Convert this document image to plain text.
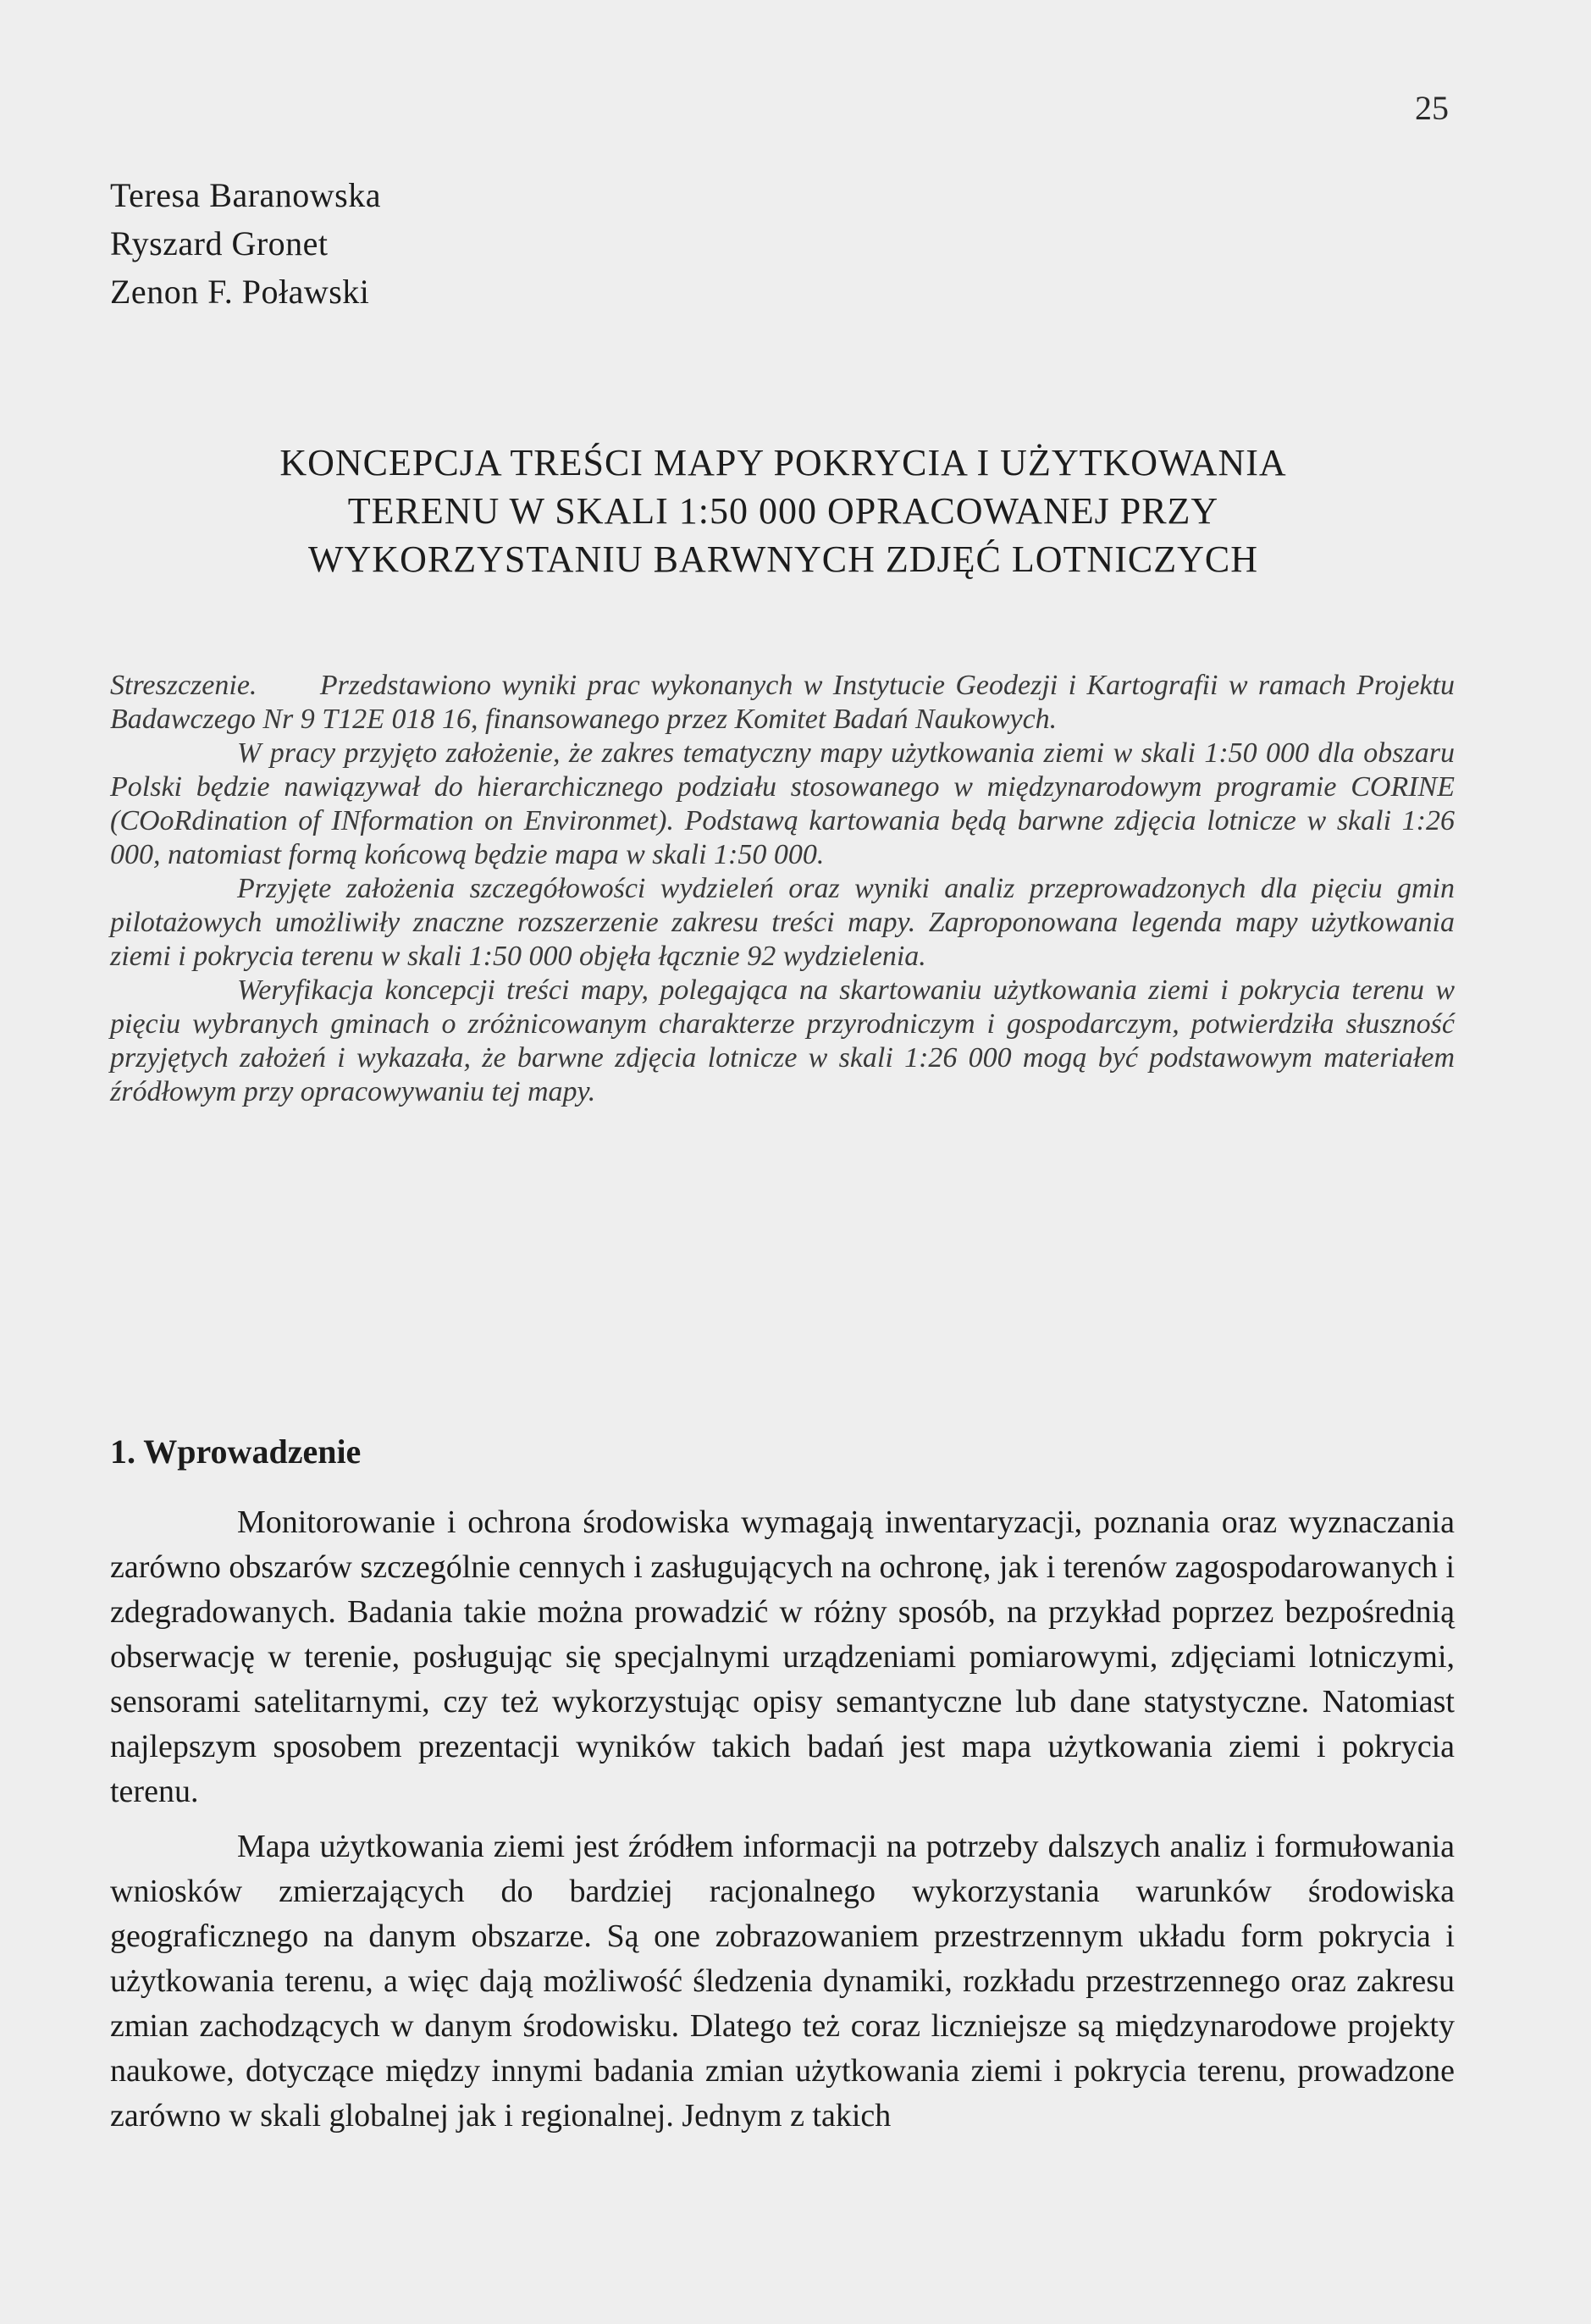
25
Teresa Baranowska
Ryszard Gronet
Zenon F. Poławski
KONCEPCJA TREŚCI MAPY POKRYCIA I UŻYTKOWANIA
TERENU W SKALI 1:50 000 OPRACOWANEJ PRZY
WYKORZYSTANIU BARWNYCH ZDJĘĆ LOTNICZYCH

Streszczenie. Przedstawiono wyniki prac wykonanych w Instytucie Geodezji i Kartografii w ramach Projektu Badawczego Nr 9 T12E 018 16, finansowanego przez Komitet Badań Naukowych.

W pracy przyjęto założenie, że zakres tematyczny mapy użytkowania ziemi w skali 1:50 000 dla obszaru Polski będzie nawiązywał do hierarchicznego podziału stosowanego w międzynarodowym programie CORINE (COoRdination of INformation on Environmet). Podstawą kartowania będą barwne zdjęcia lotnicze w skali 1:26 000, natomiast formą końcową będzie mapa w skali 1:50 000.

Przyjęte założenia szczegółowości wydzieleń oraz wyniki analiz przeprowadzonych dla pięciu gmin pilotażowych umożliwiły znaczne rozszerzenie zakresu treści mapy. Zaproponowana legenda mapy użytkowania ziemi i pokrycia terenu w skali 1:50 000 objęła łącznie 92 wydzielenia.

Weryfikacja koncepcji treści mapy, polegająca na skartowaniu użytkowania ziemi i pokrycia terenu w pięciu wybranych gminach o zróżnicowanym charakterze przyrodniczym i gospodarczym, potwierdziła słuszność przyjętych założeń i wykazała, że barwne zdjęcia lotnicze w skali 1:26 000 mogą być podstawowym materiałem źródłowym przy opracowywaniu tej mapy.

1. Wprowadzenie

Monitorowanie i ochrona środowiska wymagają inwentaryzacji, poznania oraz wyznaczania zarówno obszarów szczególnie cennych i zasługujących na ochronę, jak i terenów zagospodarowanych i zdegradowanych. Badania takie można prowadzić w różny sposób, na przykład poprzez bezpośrednią obserwację w terenie, posługując się specjalnymi urządzeniami pomiarowymi, zdjęciami lotniczymi, sensorami satelitarnymi, czy też wykorzystując opisy semantyczne lub dane statystyczne. Natomiast najlepszym sposobem prezentacji wyników takich badań jest mapa użytkowania ziemi i pokrycia terenu.

Mapa użytkowania ziemi jest źródłem informacji na potrzeby dalszych analiz i formułowania wniosków zmierzających do bardziej racjonalnego wykorzystania warunków środowiska geograficznego na danym obszarze. Są one zobrazowaniem przestrzennym układu form pokrycia i użytkowania terenu, a więc dają możliwość śledzenia dynamiki, rozkładu przestrzennego oraz zakresu zmian zachodzących w danym środowisku. Dlatego też coraz liczniejsze są międzynarodowe projekty naukowe, dotyczące między innymi badania zmian użytkowania ziemi i pokrycia terenu, prowadzone zarówno w skali globalnej jak i regionalnej. Jednym z takich
